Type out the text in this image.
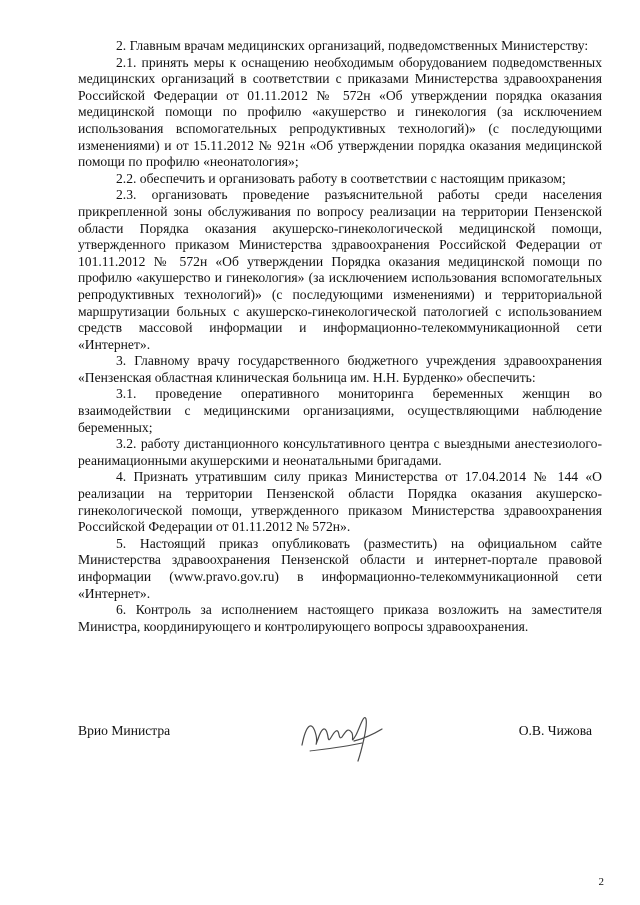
2. Главным врачам медицинских организаций, подведомственных Министерству:

2.1. принять меры к оснащению необходимым оборудованием подведомственных медицинских организаций в соответствии с приказами Министерства здравоохранения Российской Федерации от 01.11.2012 № 572н «Об утверждении порядка оказания медицинской помощи по профилю «акушерство и гинекология (за исключением использования вспомогательных репродуктивных технологий)» (с последующими изменениями) и от 15.11.2012 № 921н «Об утверждении порядка оказания медицинской помощи по профилю «неонатология»;

2.2. обеспечить и организовать работу в соответствии с настоящим приказом;

2.3. организовать проведение разъяснительной работы среди населения прикрепленной зоны обслуживания по вопросу реализации на территории Пензенской области Порядка оказания акушерско-гинекологической медицинской помощи, утвержденного приказом Министерства здравоохранения Российской Федерации от 101.11.2012 № 572н «Об утверждении Порядка оказания медицинской помощи по профилю «акушерство и гинекология» (за исключением использования вспомогательных репродуктивных технологий)» (с последующими изменениями) и территориальной маршрутизации больных с акушерско-гинекологической патологией с использованием средств массовой информации и информационно-телекоммуникационной сети «Интернет».

3. Главному врачу государственного бюджетного учреждения здравоохранения «Пензенская областная клиническая больница им. Н.Н. Бурденко» обеспечить:

3.1. проведение оперативного мониторинга беременных женщин во взаимодействии с медицинскими организациями, осуществляющими наблюдение беременных;

3.2. работу дистанционного консультативного центра с выездными анестезиолого-реанимационными акушерскими и неонатальными бригадами.

4. Признать утратившим силу приказ Министерства от 17.04.2014 № 144 «О реализации на территории Пензенской области Порядка оказания акушерско-гинекологической помощи, утвержденного приказом Министерства здравоохранения Российской Федерации от 01.11.2012 № 572н».

5. Настоящий приказ опубликовать (разместить) на официальном сайте Министерства здравоохранения Пензенской области и интернет-портале правовой информации (www.pravo.gov.ru) в информационно-телекоммуникационной сети «Интернет».

6. Контроль за исполнением настоящего приказа возложить на заместителя Министра, координирующего и контролирующего вопросы здравоохранения.

Врио Министра	О.В. Чижова
2
